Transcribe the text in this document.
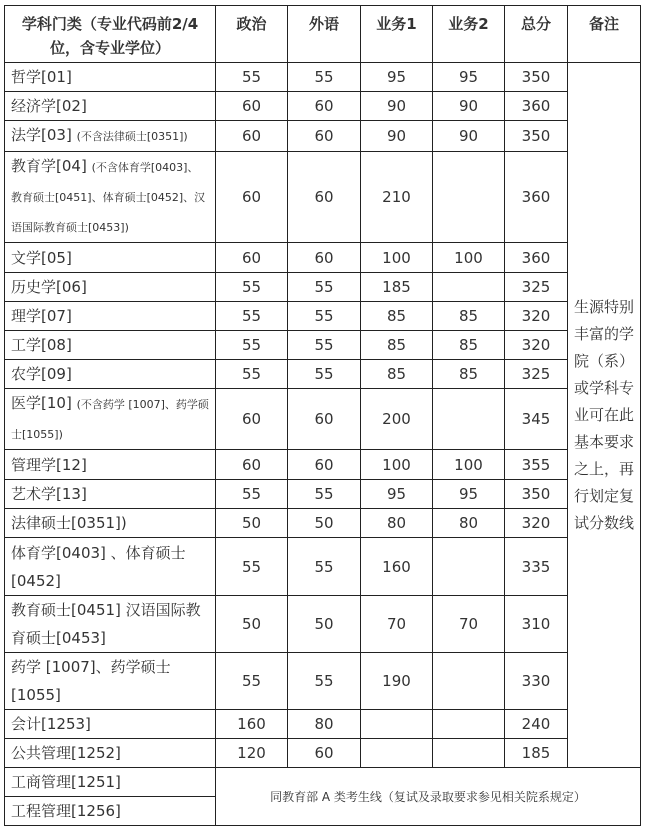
学科门类（专业代码前2/4位，含专业学位）	政治	外语	业务1	业务2	总分	备注
哲学[01]	55	55	95	95	350	生源特别丰富的学院（系）或学科专业可在此基本要求之上，再行划定复试分数线
经济学[02]	60	60	90	90	360	
法学[03] (不含法律硕士[0351])	60	60	90	90	350	
教育学[04] (不含体育学[0403]、教育硕士[0451]、体育硕士[0452]、汉语国际教育硕士[0453])	60	60	210		360	
文学[05]	60	60	100	100	360	
历史学[06]	55	55	185		325	
理学[07]	55	55	85	85	320	
工学[08]	55	55	85	85	320	
农学[09]	55	55	85	85	325	
医学[10] (不含药学 [1007]、药学硕士[1055])	60	60	200		345	
管理学[12]	60	60	100	100	355	
艺术学[13]	55	55	95	95	350	
法律硕士[0351])	50	50	80	80	320	
体育学[0403] 、体育硕士[0452]	55	55	160		335	
教育硕士[0451] 汉语国际教育硕士[0453]	50	50	70	70	310	
药学 [1007]、药学硕士[1055]	55	55	190		330	
会计[1253]	160	80			240	
公共管理[1252]	120	60			185	
工商管理[1251]	同教育部 A 类考生线（复试及录取要求参见相关院系规定）					
工程管理[1256]						
